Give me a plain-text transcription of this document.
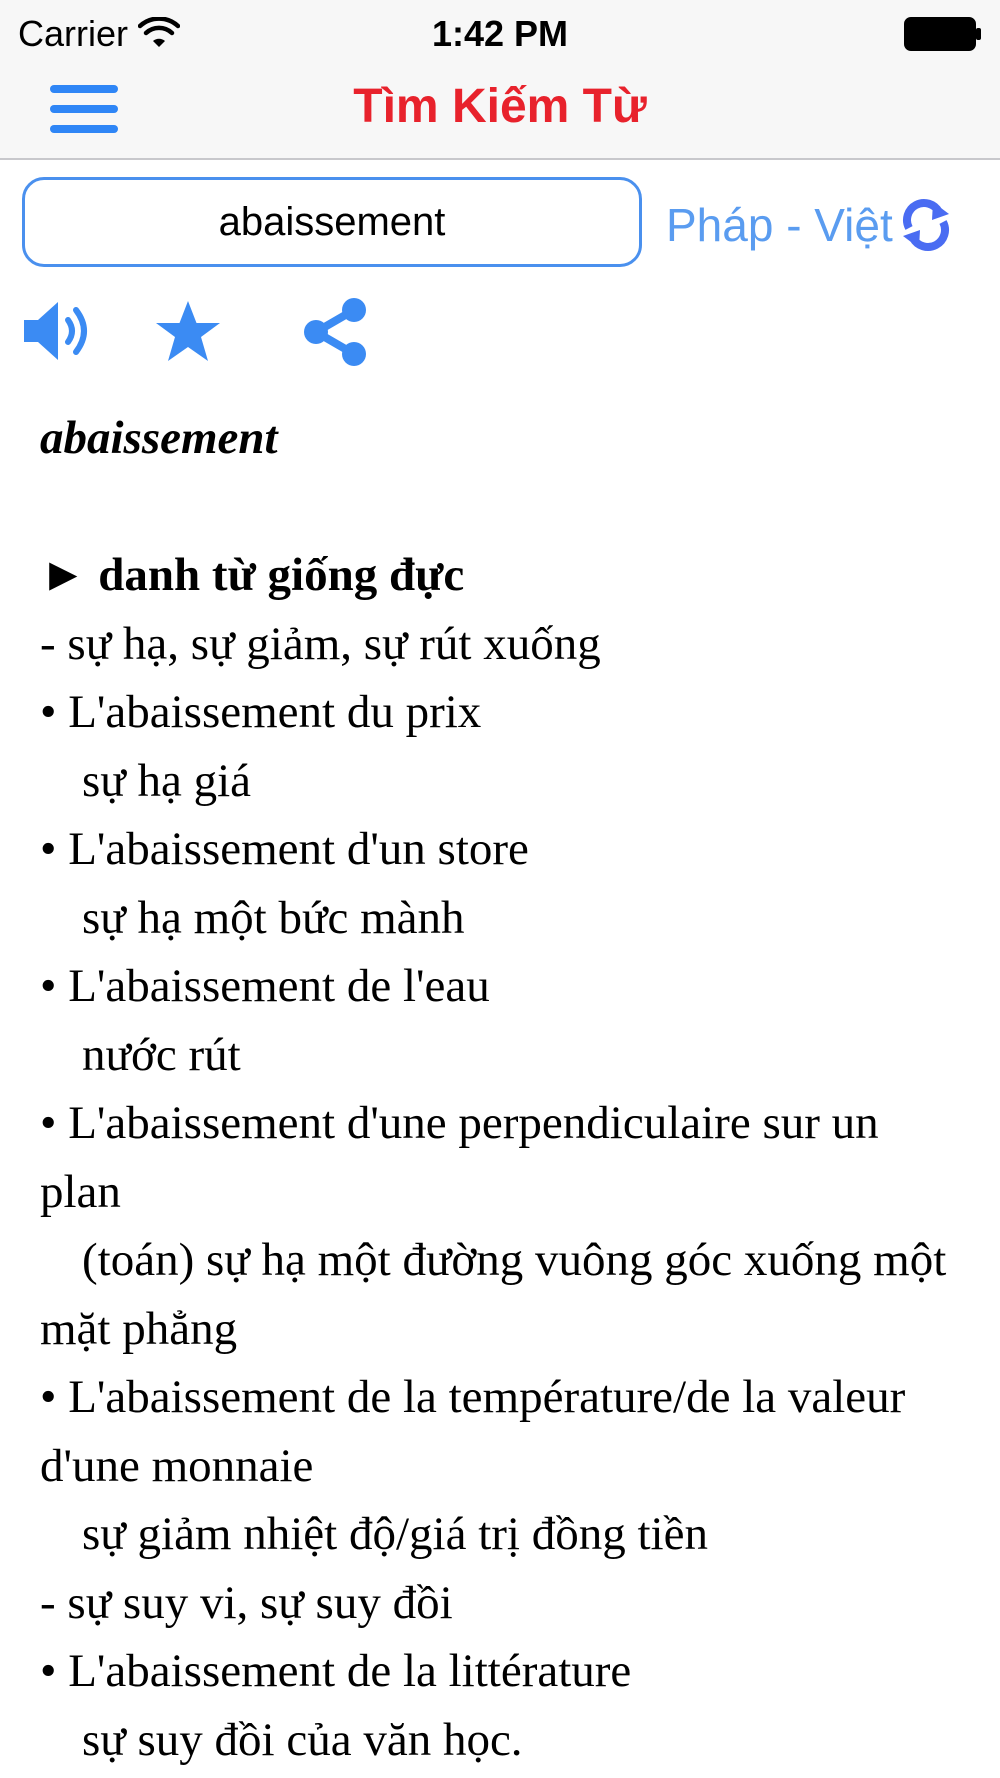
Carrier	1:42 PM
Tìm Kiếm Từ
abaissement
Pháp - Việt
abaissement
► danh từ giống đực
- sự hạ, sự giảm, sự rút xuống
• L'abaissement du prix
sự hạ giá
• L'abaissement d'un store
sự hạ một bức mành
• L'abaissement de l'eau
nước rút
• L'abaissement d'une perpendiculaire sur un plan
(toán) sự hạ một đường vuông góc xuống một mặt phẳng
• L'abaissement de la température/de la valeur d'une monnaie
sự giảm nhiệt độ/giá trị đồng tiền
- sự suy vi, sự suy đồi
• L'abaissement de la littérature
sự suy đồi của văn học.
